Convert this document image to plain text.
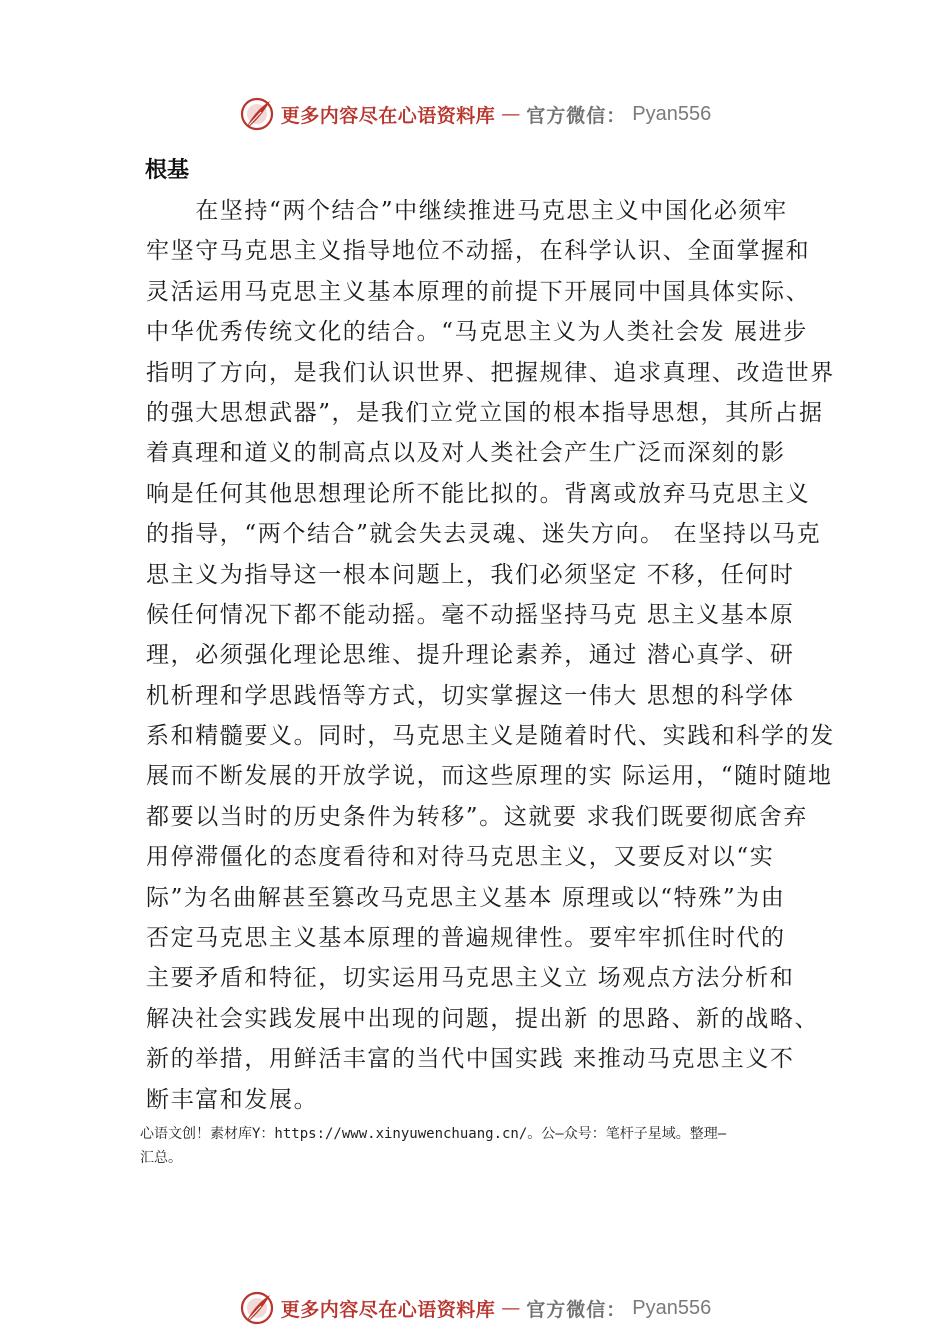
更多内容尽在心语资料库 — 官方微信： Pyan556
根基
　　在坚持“两个结合”中继续推进马克思主义中国化必须牢
牢坚守马克思主义指导地位不动摇，在科学认识、全面掌握和
灵活运用马克思主义基本原理的前提下开展同中国具体实际、
中华优秀传统文化的结合。“马克思主义为人类社会发 展进步
指明了方向，是我们认识世界、把握规律、追求真理、改造世界
的强大思想武器”，是我们立党立国的根本指导思想，其所占据
着真理和道义的制高点以及对人类社会产生广泛而深刻的影
响是任何其他思想理论所不能比拟的。背离或放弃马克思主义
的指导，“两个结合”就会失去灵魂、迷失方向。 在坚持以马克
思主义为指导这一根本问题上，我们必须坚定 不移，任何时
候任何情况下都不能动摇。毫不动摇坚持马克 思主义基本原
理，必须强化理论思维、提升理论素养，通过 潜心真学、研
机析理和学思践悟等方式，切实掌握这一伟大 思想的科学体
系和精髓要义。同时，马克思主义是随着时代、实践和科学的发
展而不断发展的开放学说，而这些原理的实 际运用，“随时随地
都要以当时的历史条件为转移”。这就要 求我们既要彻底舍弃
用停滞僵化的态度看待和对待马克思主义，又要反对以“实
际”为名曲解甚至篡改马克思主义基本 原理或以“特殊”为由
否定马克思主义基本原理的普遍规律性。要牢牢抓住时代的
主要矛盾和特征，切实运用马克思主义立 场观点方法分析和
解决社会实践发展中出现的问题，提出新 的思路、新的战略、
新的举措，用鲜活丰富的当代中国实践 来推动马克思主义不
断丰富和发展。
心语文创！素材库Y：https://www.xinyuwenchuang.cn/。公—众号：笔杆子星域。整理—
汇总。
更多内容尽在心语资料库 — 官方微信： Pyan556
